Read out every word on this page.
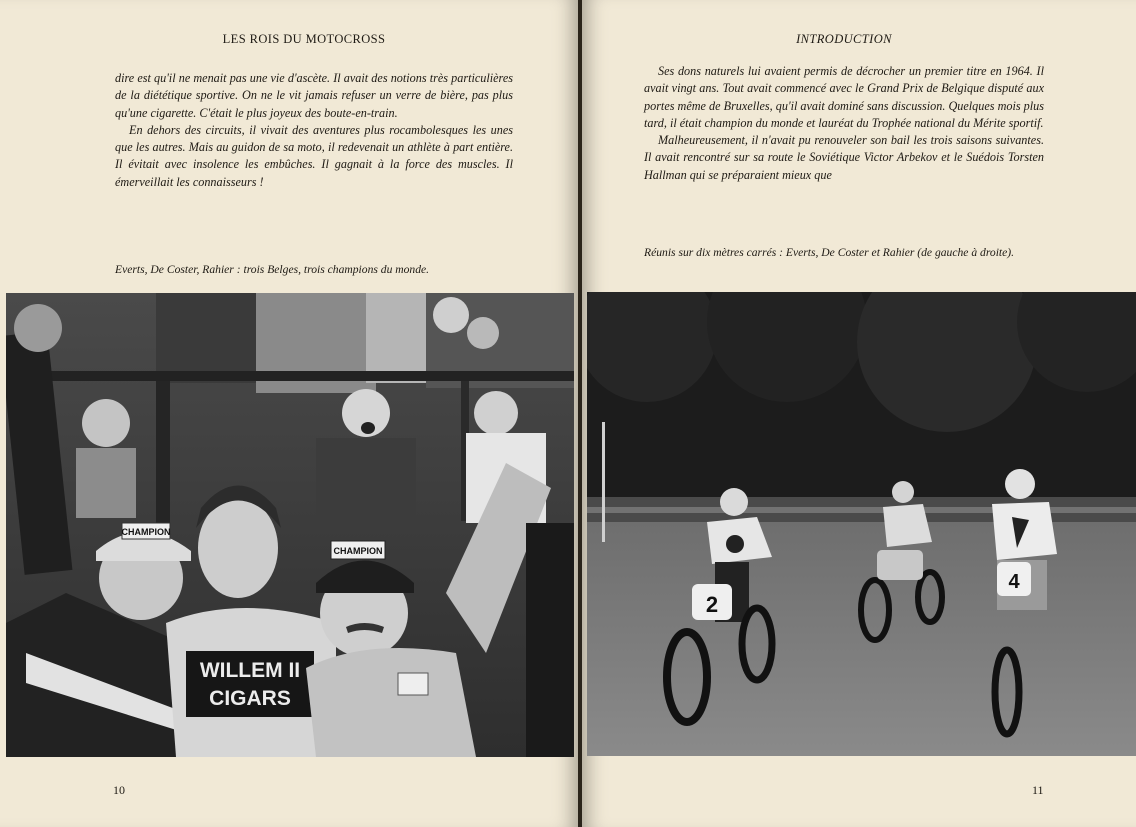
LES ROIS DU MOTOCROSS

dire est qu'il ne menait pas une vie d'ascète. Il avait des notions très particulières de la diététique sportive. On ne le vit jamais refuser un verre de bière, pas plus qu'une cigarette. C'était le plus joyeux des boute-en-train.

En dehors des circuits, il vivait des aventures plus rocambolesques les unes que les autres. Mais au guidon de sa moto, il redevenait un athlète à part entière. Il évitait avec insolence les embûches. Il gagnait à la force des muscles. Il émerveillait les connaisseurs !

Everts, De Coster, Rahier : trois Belges, trois champions du monde.
CHAMPION
WILLEM II
CIGARS
CHAMPION
10
INTRODUCTION

Ses dons naturels lui avaient permis de décrocher un premier titre en 1964. Il avait vingt ans. Tout avait commencé avec le Grand Prix de Belgique disputé aux portes même de Bruxelles, qu'il avait dominé sans discussion. Quelques mois plus tard, il était champion du monde et lauréat du Trophée national du Mérite sportif.

Malheureusement, il n'avait pu renouveler son bail les trois saisons suivantes. Il avait rencontré sur sa route le Soviétique Victor Arbekov et le Suédois Torsten Hallman qui se préparaient mieux que

Réunis sur dix mètres carrés : Everts, De Coster et Rahier (de gauche à droite).
2
4
11
